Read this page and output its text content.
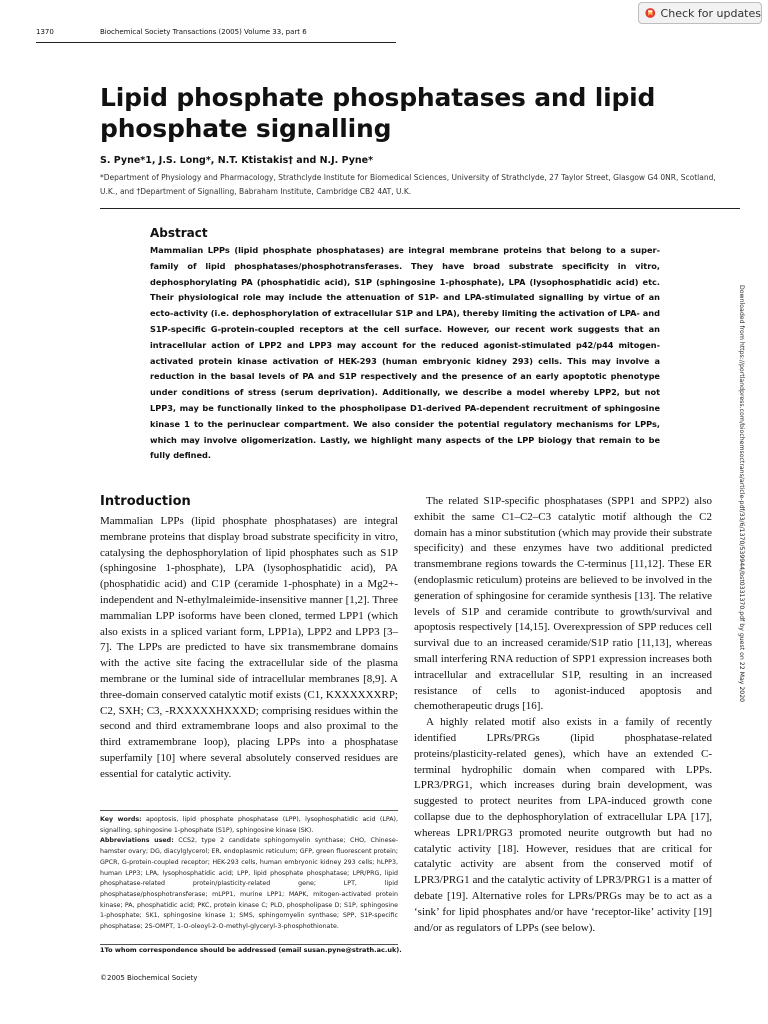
1370	Biochemical Society Transactions (2005) Volume 33, part 6
Check for updates
Lipid phosphate phosphatases and lipid phosphate signalling
S. Pyne*1, J.S. Long*, N.T. Ktistakis† and N.J. Pyne*
*Department of Physiology and Pharmacology, Strathclyde Institute for Biomedical Sciences, University of Strathclyde, 27 Taylor Street, Glasgow G4 0NR, Scotland, U.K., and †Department of Signalling, Babraham Institute, Cambridge CB2 4AT, U.K.
Abstract
Mammalian LPPs (lipid phosphate phosphatases) are integral membrane proteins that belong to a super-family of lipid phosphatases/phosphotransferases. They have broad substrate specificity in vitro, dephosphorylating PA (phosphatidic acid), S1P (sphingosine 1-phosphate), LPA (lysophosphatidic acid) etc. Their physiological role may include the attenuation of S1P- and LPA-stimulated signalling by virtue of an ecto-activity (i.e. dephosphorylation of extracellular S1P and LPA), thereby limiting the activation of LPA- and S1P-specific G-protein-coupled receptors at the cell surface. However, our recent work suggests that an intracellular action of LPP2 and LPP3 may account for the reduced agonist-stimulated p42/p44 mitogen-activated protein kinase activation of HEK-293 (human embryonic kidney 293) cells. This may involve a reduction in the basal levels of PA and S1P respectively and the presence of an early apoptotic phenotype under conditions of stress (serum deprivation). Additionally, we describe a model whereby LPP2, but not LPP3, may be functionally linked to the phospholipase D1-derived PA-dependent recruitment of sphingosine kinase 1 to the perinuclear compartment. We also consider the potential regulatory mechanisms for LPPs, which may involve oligomerization. Lastly, we highlight many aspects of the LPP biology that remain to be fully defined.	Downloaded from https://portlandpress.com/biochemsoctrans/article-pdf/33/6/1370/539944/bst0331370.pdf by guest on 22 May 2020
Introduction

Mammalian LPPs (lipid phosphate phosphatases) are integral membrane proteins that display broad substrate specificity in vitro, catalysing the dephosphorylation of lipid phosphates such as S1P (sphingosine 1-phosphate), LPA (lysophosphatidic acid), PA (phosphatidic acid) and C1P (ceramide 1-phosphate) in a Mg2+-independent and N-ethylmaleimide-insensitive manner [1,2]. Three mammalian LPP isoforms have been cloned, termed LPP1 (which also exists in a spliced variant form, LPP1a), LPP2 and LPP3 [3–7]. The LPPs are predicted to have six transmembrane domains with the active site facing the extracellular side of the plasma membrane or the luminal side of intracellular membranes [8,9]. A three-domain conserved catalytic motif exists (C1, KXXXXXXRP; C2, SXH; C3, -RXXXXXHXXXD; comprising residues within the second and third extramembrane loops and also proximal to the third extramembrane loop), placing LPPs into a phosphatase superfamily [10] where several absolutely conserved residues are essential for catalytic activity.

Key words: apoptosis, lipid phosphate phosphatase (LPP), lysophosphatidic acid (LPA), signalling, sphingosine 1-phosphate (S1P), sphingosine kinase (SK).

Abbreviations used: CCS2, type 2 candidate sphingomyelin synthase; CHO, Chinese-hamster ovary; DG, diacylglycerol; ER, endoplasmic reticulum; GFP, green fluorescent protein; GPCR, G-protein-coupled receptor; HEK-293 cells, human embryonic kidney 293 cells; hLPP3, human LPP3; LPA, lysophosphatidic acid; LPP, lipid phosphate phosphatase; LPR/PRG, lipid phosphatase-related protein/plasticity-related gene; LPT, lipid phosphatase/phosphotransferase; mLPP1, murine LPP1; MAPK, mitogen-activated protein kinase; PA, phosphatidic acid; PKC, protein kinase C; PLD, phospholipase D; S1P, sphingosine 1-phosphate; SK1, sphingosine kinase 1; SMS, sphingomyelin synthase; SPP, S1P-specific phosphatase; 2S-OMPT, 1-O-oleoyl-2-O-methyl-glyceryl-3-phosphothionate.

1To whom correspondence should be addressed (email susan.pyne@strath.ac.uk).
©2005 Biochemical Society

The related S1P-specific phosphatases (SPP1 and SPP2) also exhibit the same C1–C2–C3 catalytic motif although the C2 domain has a minor substitution (which may provide their substrate specificity) and these enzymes have two additional predicted transmembrane regions towards the C-terminus [11,12]. These ER (endoplasmic reticulum) proteins are believed to be involved in the generation of sphingosine for ceramide synthesis [13]. The relative levels of S1P and ceramide contribute to growth/survival and apoptosis respectively [14,15]. Overexpression of SPP reduces cell survival due to an increased ceramide/S1P ratio [11,13], whereas small interfering RNA reduction of SPP1 expression increases both intracellular and extracellular S1P, resulting in an increased resistance of cells to agonist-induced apoptosis and chemotherapeutic drugs [16].

A highly related motif also exists in a family of recently identified LPRs/PRGs (lipid phosphatase-related proteins/plasticity-related genes), which have an extended C-terminal hydrophilic domain when compared with LPPs. LPR3/PRG1, which increases during brain development, was suggested to protect neurites from LPA-induced growth cone collapse due to the dephosphorylation of extracellular LPA [17], whereas LPR1/PRG3 promoted neurite outgrowth but had no catalytic activity [18]. However, residues that are critical for catalytic activity are absent from the conserved motif of LPR3/PRG1 and the catalytic activity of LPR3/PRG1 is a matter of debate [19]. Alternative roles for LPRs/PRGs may be to act as a ‘sink’ for lipid phosphates and/or have ‘receptor-like’ activity [19] and/or as regulators of LPPs (see below).
